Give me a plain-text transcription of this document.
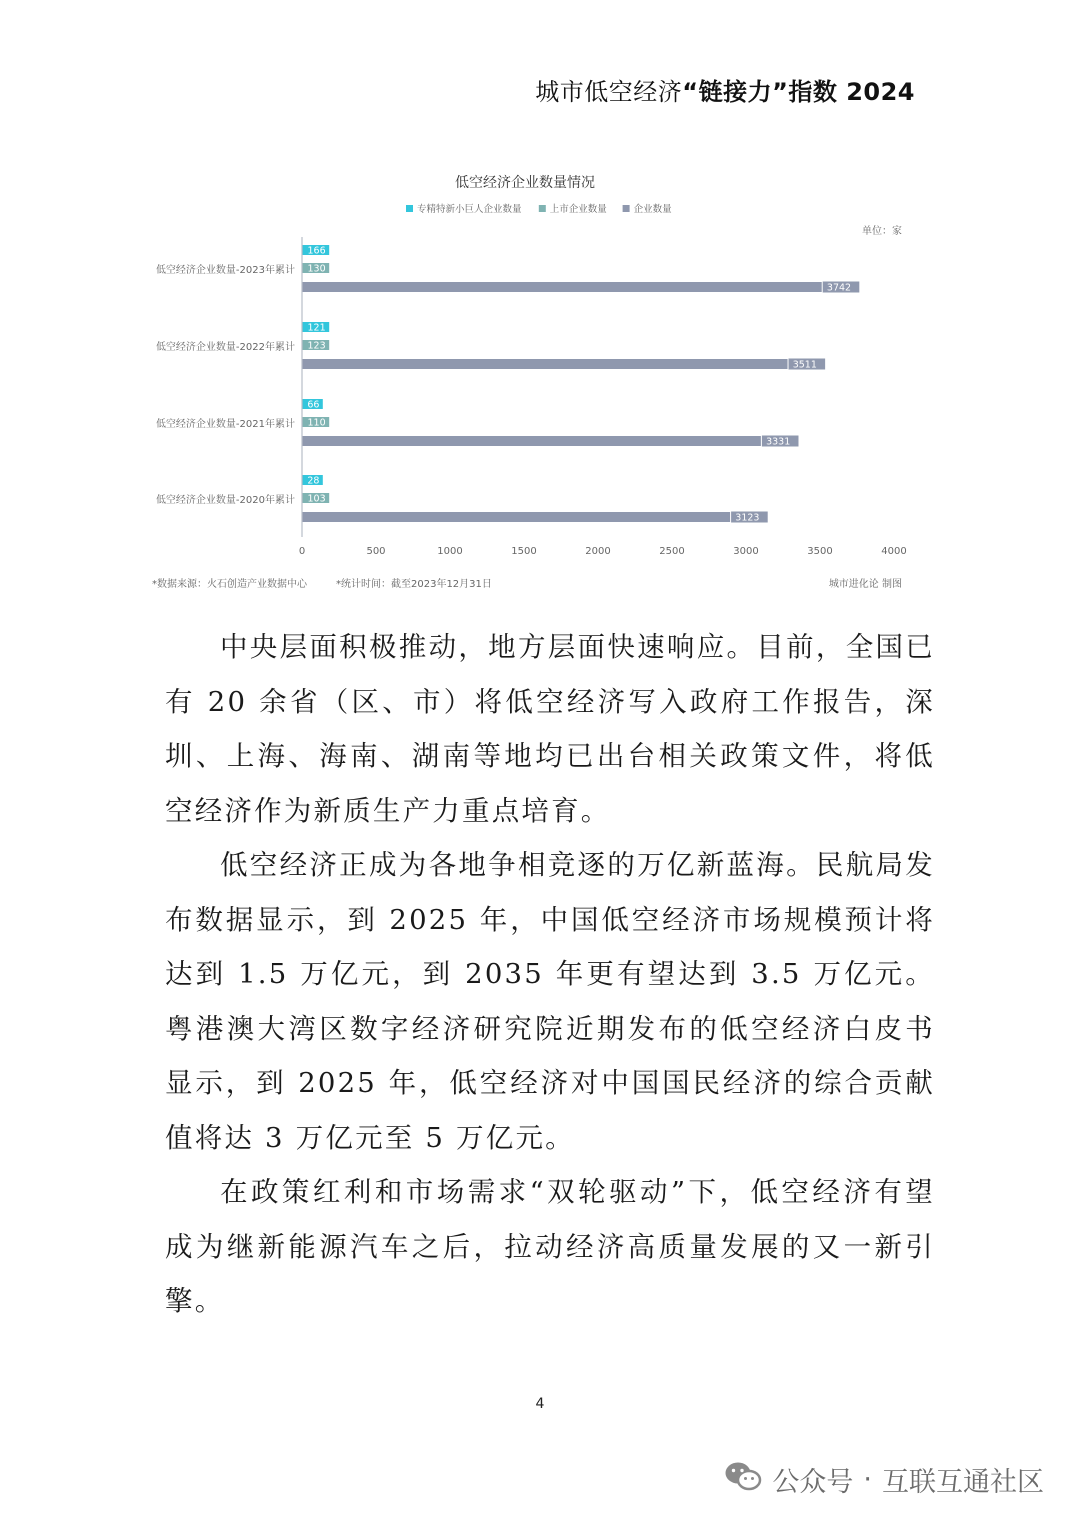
城市低空经济“链接力”指数 2024
低空经济企业数量情况
专精特新小巨人企业数量	上市企业数量	企业数量
单位：家
低空经济企业数量-2023年累计
低空经济企业数量-2022年累计
低空经济企业数量-2021年累计
低空经济企业数量-2020年累计
166
130
3742
121
123
3511
66
110
3331
28
103
3123
0	500	1000	1500	2000	2500	3000	3500	4000
*数据来源：火石创造产业数据中心	*统计时间：截至2023年12月31日	城市进化论 制图

中央层面积极推动，地方层面快速响应。目前，全国已有 20 余省（区、市）将低空经济写入政府工作报告，深圳、上海、海南、湖南等地均已出台相关政策文件，将低空经济作为新质生产力重点培育。

低空经济正成为各地争相竞逐的万亿新蓝海。民航局发布数据显示，到 2025 年，中国低空经济市场规模预计将达到 1.5 万亿元，到 2035 年更有望达到 3.5 万亿元。粤港澳大湾区数字经济研究院近期发布的低空经济白皮书显示，到 2025 年，低空经济对中国国民经济的综合贡献值将达 3 万亿元至 5 万亿元。

在政策红利和市场需求“双轮驱动”下，低空经济有望成为继新能源汽车之后，拉动经济高质量发展的又一新引擎。

4
公众号 · 互联互通社区
